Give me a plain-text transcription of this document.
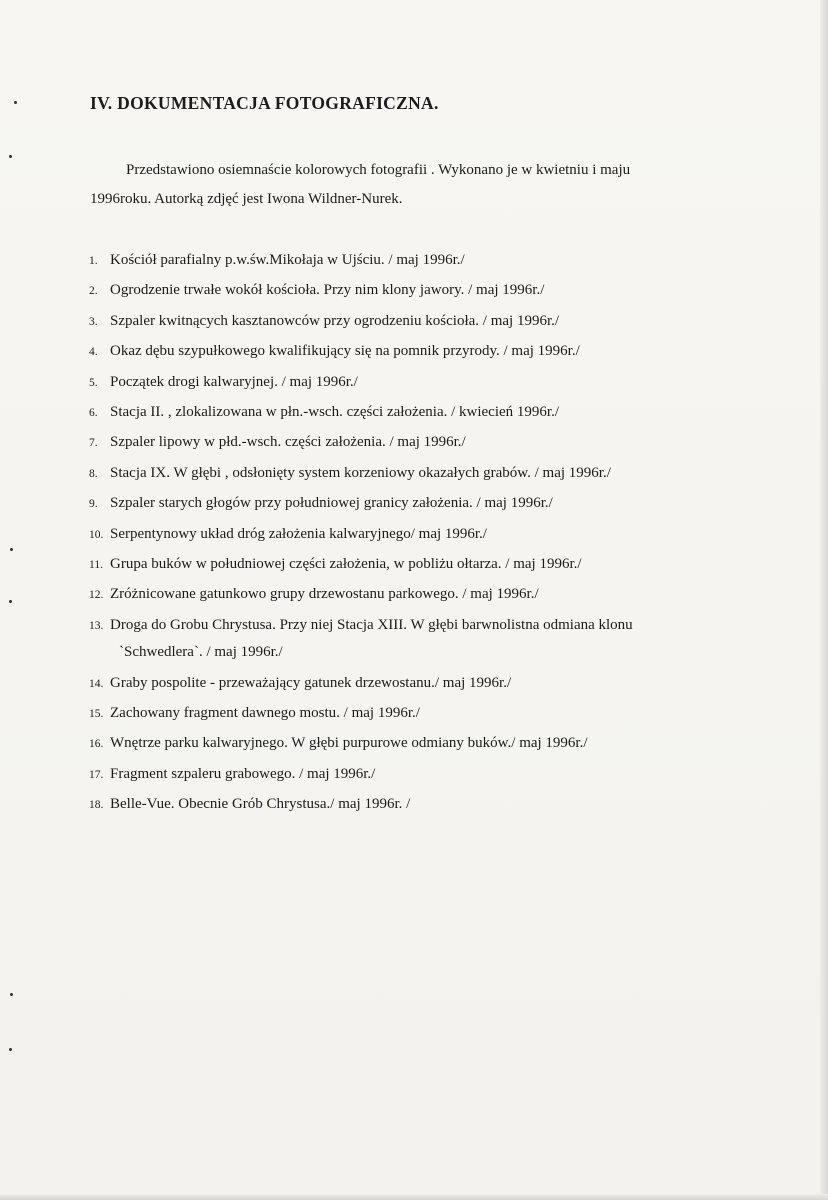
IV. DOKUMENTACJA FOTOGRAFICZNA.

Przedstawiono osiemnaście kolorowych fotografii . Wykonano je w kwietniu i maju
1996roku. Autorką zdjęć jest Iwona Wildner-Nurek.

1. Kościół parafialny p.w.św.Mikołaja w Ujściu. / maj 1996r./
2. Ogrodzenie trwałe wokół kościoła. Przy nim klony jawory. / maj 1996r./
3. Szpaler kwitnących kasztanowców przy ogrodzeniu kościoła. / maj 1996r./
4. Okaz dębu szypułkowego kwalifikujący się na pomnik przyrody. / maj 1996r./
5. Początek drogi kalwaryjnej. / maj 1996r./
6. Stacja II. , zlokalizowana w płn.-wsch. części założenia. / kwiecień 1996r./
7. Szpaler lipowy w płd.-wsch. części założenia. / maj 1996r./
8. Stacja IX. W głębi , odsłonięty system korzeniowy okazałych grabów. / maj 1996r./
9. Szpaler starych głogów przy południowej granicy założenia. / maj 1996r./
10. Serpentynowy układ dróg założenia kalwaryjnego/ maj 1996r./
11. Grupa buków w południowej części założenia, w pobliżu ołtarza. / maj 1996r./
12. Zróżnicowane gatunkowo grupy drzewostanu parkowego. / maj 1996r./
13. Droga do Grobu Chrystusa. Przy niej Stacja XIII. W głębi barwnolistna odmiana klonu
`Schwedlera`. / maj 1996r./
14. Graby pospolite - przeważający gatunek drzewostanu./ maj 1996r./
15. Zachowany fragment dawnego mostu. / maj 1996r./
16. Wnętrze parku kalwaryjnego. W głębi purpurowe odmiany buków./ maj 1996r./
17. Fragment szpaleru grabowego. / maj 1996r./
18. Belle-Vue. Obecnie Grób Chrystusa./ maj 1996r. /
